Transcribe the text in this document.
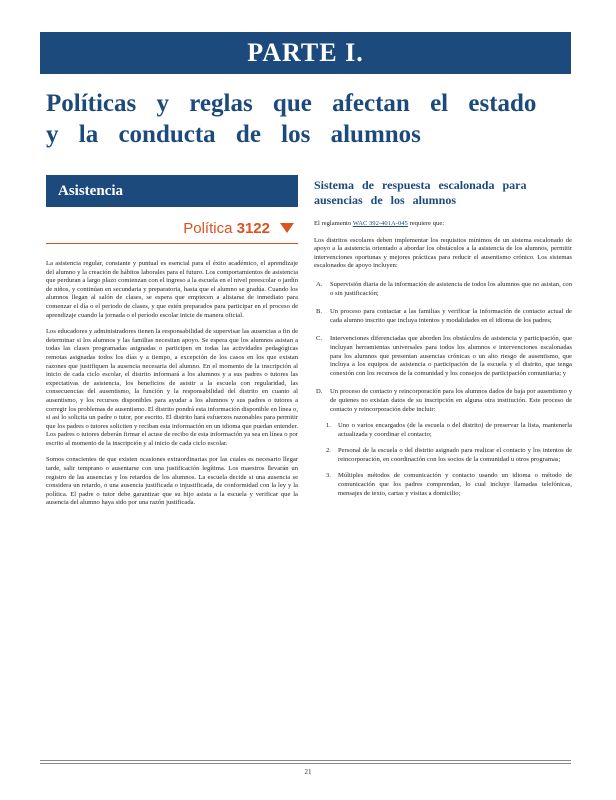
PARTE I.
Políticas y reglas que afectan el estado y la conducta de los alumnos
Asistencia
Política 3122

La asistencia regular, constante y puntual es esencial para el éxito académico, el aprendizaje del alumno y la creación de hábitos laborales para el futuro. Los comportamientos de asistencia que perduran a largo plazo comienzan con el ingreso a la escuela en el nivel preescolar o jardín de niños, y continúan en secundaria y preparatoria, hasta que el alumno se gradúa. Cuando los alumnos llegan al salón de clases, se espera que empiecen a alistarse de inmediato para comenzar el día o el periodo de clases, y que estén preparados para participar en el proceso de aprendizaje cuando la jornada o el período escolar inicie de manera oficial.

Los educadores y administradores tienen la responsabilidad de supervisar las ausencias a fin de determinar si los alumnos y las familias necesitan apoyo. Se espera que los alumnos asistan a todas las clases programadas asignadas o participen en todas las actividades pedagógicas remotas asignadas todos los días y a tiempo, a excepción de los casos en los que existan razones que justifiquen la ausencia necesaria del alumno. En el momento de la inscripción al inicio de cada ciclo escolar, el distrito informará a los alumnos y a sus padres o tutores las expectativas de asistencia, los beneficios de asistir a la escuela con regularidad, las consecuencias del ausentismo, la función y la responsabilidad del distrito en cuanto al ausentismo, y los recursos disponibles para ayudar a los alumnos y sus padres o tutores a corregir los problemas de ausentismo. El distrito pondrá esta información disponible en línea o, si así lo solicita un padre o tutor, por escrito. El distrito hará esfuerzos razonables para permitir que los padres o tutores soliciten y reciban esta información en un idioma que puedan entender. Los padres o tutores deberán firmar el acuse de recibo de esta información ya sea en línea o por escrito al momento de la inscripción y al inicio de cada ciclo escolar.

Somos conscientes de que existen ocasiones extraordinarias por las cuales es necesario llegar tarde, salir temprano o ausentarse con una justificación legítima. Los maestros llevarán un registro de las ausencias y los retardos de los alumnos. La escuela decide si una ausencia se considera un retardo, o una ausencia justificada o injustificada, de conformidad con la ley y la política. El padre o tutor debe garantizar que su hijo asista a la escuela y verificar que la ausencia del alumno haya sido por una razón justificada.

Sistema de respuesta escalonada para ausencias de los alumnos

El reglamento WAC 392-401A-045 requiere que:

Los distritos escolares deben implementar los requisitos mínimos de un sistema escalonado de apoyo a la asistencia orientado a abordar los obstáculos a la asistencia de los alumnos, permitir intervenciones oportunas y mejores prácticas para reducir el ausentismo crónico. Los sistemas escalonados de apoyo incluyen:

A.	Supervisión diaria de la información de asistencia de todos los alumnos que no asistan, con o sin justificación;
B.	Un proceso para contactar a las familias y verificar la información de contacto actual de cada alumno inscrito que incluya intentos y modalidades en el idioma de los padres;
C.	Intervenciones diferenciadas que aborden los obstáculos de asistencia y participación, que incluyan herramientas universales para todos los alumnos e intervenciones escalonadas para los alumnos que presentan ausencias crónicas o un alto riesgo de ausentismo, que incluya a los equipos de asistencia o participación de la escuela y el distrito, que tenga conexión con los recursos de la comunidad y los consejos de participación comunitaria; y
D.	Un proceso de contacto y reincorporación para los alumnos dados de baja por ausentismo y de quienes no existan datos de su inscripción en alguna otra institución. Este proceso de contacto y reincorporación debe incluir:
1.	Uno o varios encargados (de la escuela o del distrito) de preservar la lista, mantenerla actualizada y coordinar el contacto;
2.	Personal de la escuela o del distrito asignado para realizar el contacto y los intentos de reincorporación, en coordinación con los socios de la comunidad u otros programas;
3.	Múltiples métodos de comunicación y contacto usando un idioma o método de comunicación que los padres comprendan, lo cual incluye llamadas telefónicas, mensajes de texto, cartas y visitas a domicilio;
21
